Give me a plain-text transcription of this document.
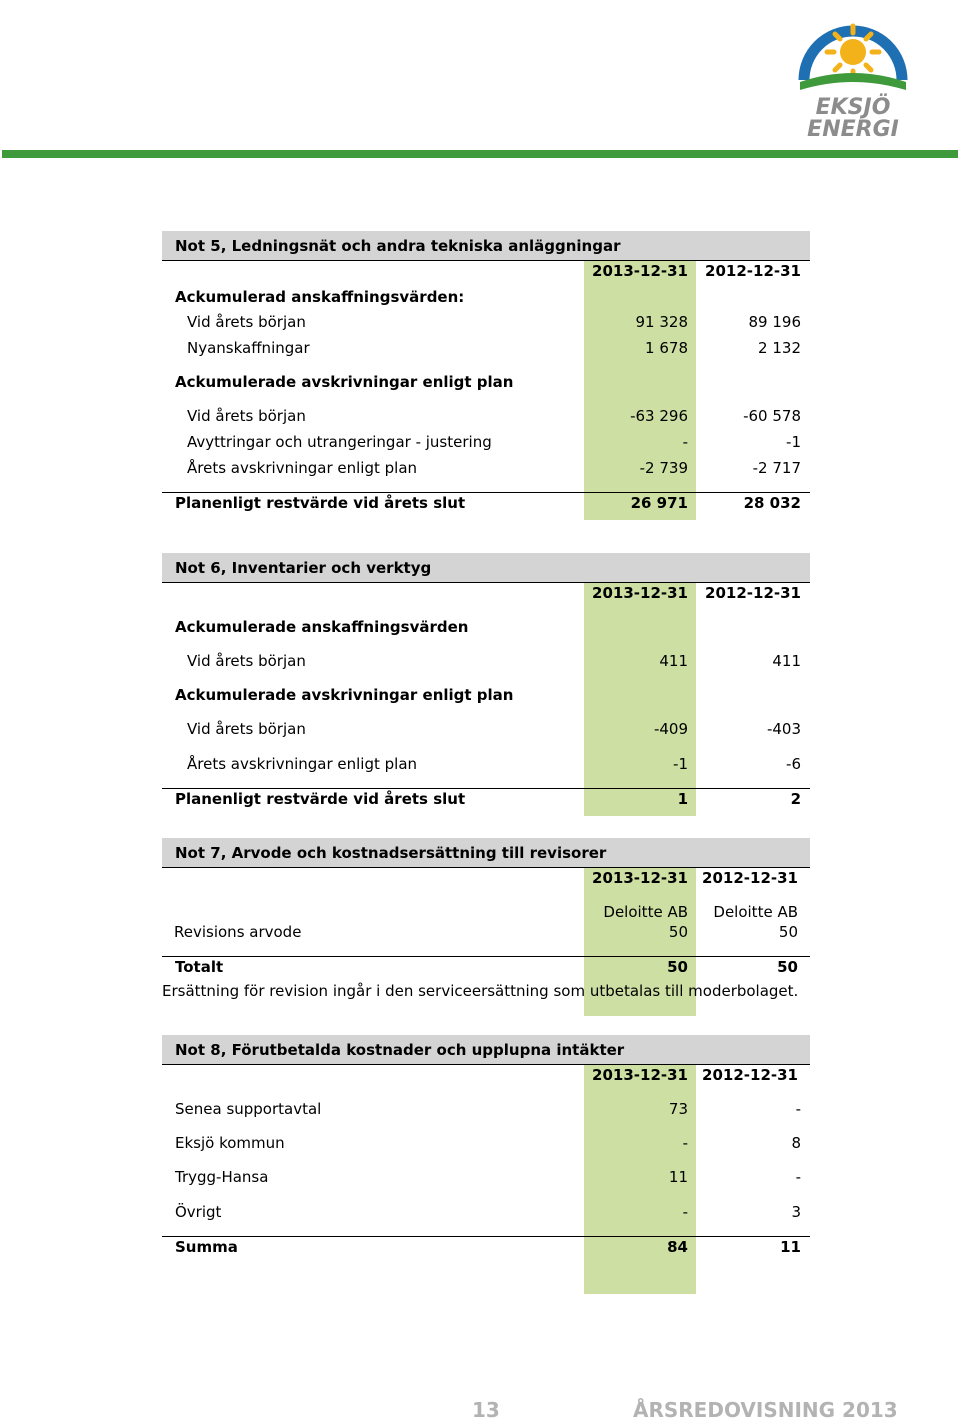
EKSJÖ
ENERGI
Not 5, Ledningsnät och andra tekniska anläggningar
2013-12-31 2012-12-31
Ackumulerad anskaffningsvärden:
Vid årets början	91 328	89 196
Nyanskaffningar	1 678	2 132
Ackumulerade avskrivningar enligt plan
Vid årets början	-63 296	-60 578
Avyttringar och utrangeringar - justering	-	-1
Årets avskrivningar enligt plan	-2 739	-2 717
Planenligt restvärde vid årets slut	26 971	28 032
Not 6, Inventarier och verktyg
2013-12-31 2012-12-31
Ackumulerade anskaffningsvärden
Vid årets början	411	411
Ackumulerade avskrivningar enligt plan
Vid årets början	-409	-403
Årets avskrivningar enligt plan	-1	-6
Planenligt restvärde vid årets slut	1	2
Not 7, Arvode och kostnadsersättning till revisorer
2013-12-31 2012-12-31
Deloitte AB Deloitte AB
Revisions arvode	50	50
Totalt	50	50
Ersättning för revision ingår i den serviceersättning som utbetalas till moderbolaget.
Not 8, Förutbetalda kostnader och upplupna intäkter
2013-12-31 2012-12-31
Senea supportavtal	73	-
Eksjö kommun	-	8
Trygg-Hansa	11	-
Övrigt	-	3
Summa	84	11
13	ÅRSREDOVISNING 2013
